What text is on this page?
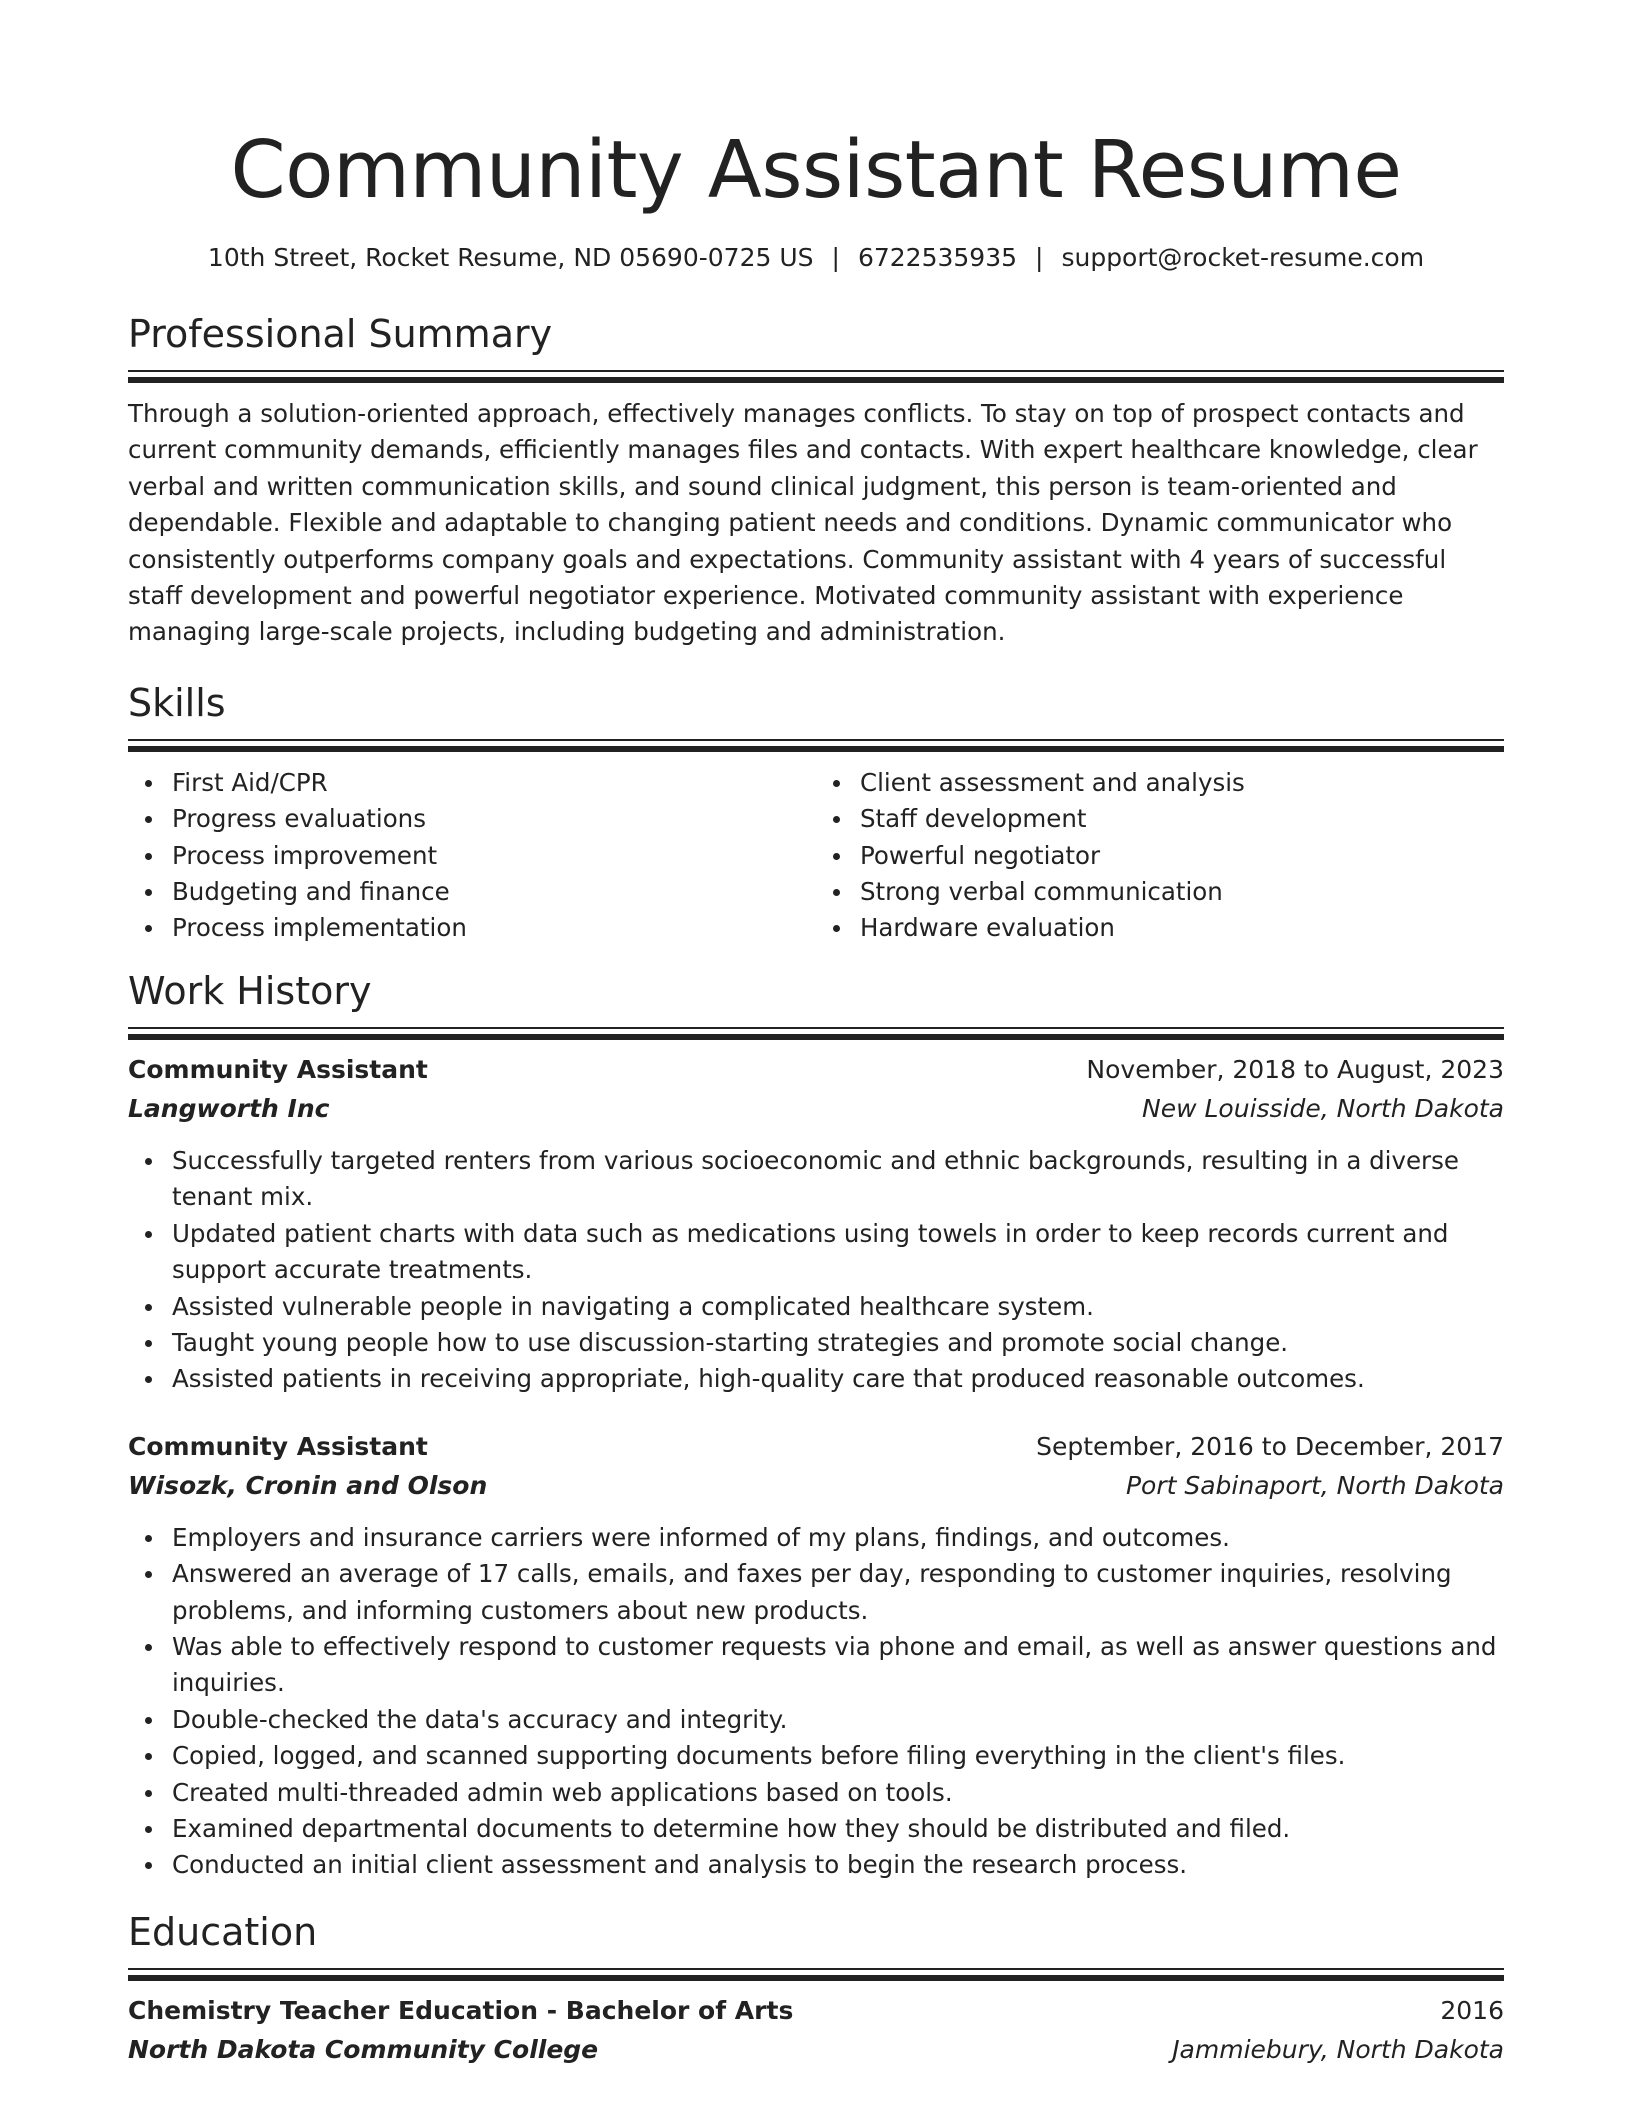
Community Assistant Resume
10th Street, Rocket Resume, ND 05690-0725 US | 6722535935 | support@rocket-resume.com
Professional Summary

Through a solution-oriented approach, effectively manages conflicts. To stay on top of prospect contacts and current community demands, efficiently manages files and contacts. With expert healthcare knowledge, clear verbal and written communication skills, and sound clinical judgment, this person is team-oriented and dependable. Flexible and adaptable to changing patient needs and conditions. Dynamic communicator who consistently outperforms company goals and expectations. Community assistant with 4 years of successful staff development and powerful negotiator experience. Motivated community assistant with experience managing large-scale projects, including budgeting and administration.

Skills
First Aid/CPR
Progress evaluations
Process improvement
Budgeting and finance
Process implementation
Client assessment and analysis
Staff development
Powerful negotiator
Strong verbal communication
Hardware evaluation
Work History
Community Assistant	November, 2018 to August, 2023
Langworth Inc	New Louisside, North Dakota
Successfully targeted renters from various socioeconomic and ethnic backgrounds, resulting in a diverse tenant mix.
Updated patient charts with data such as medications using towels in order to keep records current and support accurate treatments.
Assisted vulnerable people in navigating a complicated healthcare system.
Taught young people how to use discussion-starting strategies and promote social change.
Assisted patients in receiving appropriate, high-quality care that produced reasonable outcomes.
Community Assistant	September, 2016 to December, 2017
Wisozk, Cronin and Olson	Port Sabinaport, North Dakota
Employers and insurance carriers were informed of my plans, findings, and outcomes.
Answered an average of 17 calls, emails, and faxes per day, responding to customer inquiries, resolving problems, and informing customers about new products.
Was able to effectively respond to customer requests via phone and email, as well as answer questions and inquiries.
Double-checked the data's accuracy and integrity.
Copied, logged, and scanned supporting documents before filing everything in the client's files.
Created multi-threaded admin web applications based on tools.
Examined departmental documents to determine how they should be distributed and filed.
Conducted an initial client assessment and analysis to begin the research process.
Education
Chemistry Teacher Education - Bachelor of Arts	2016
North Dakota Community College	Jammiebury, North Dakota
